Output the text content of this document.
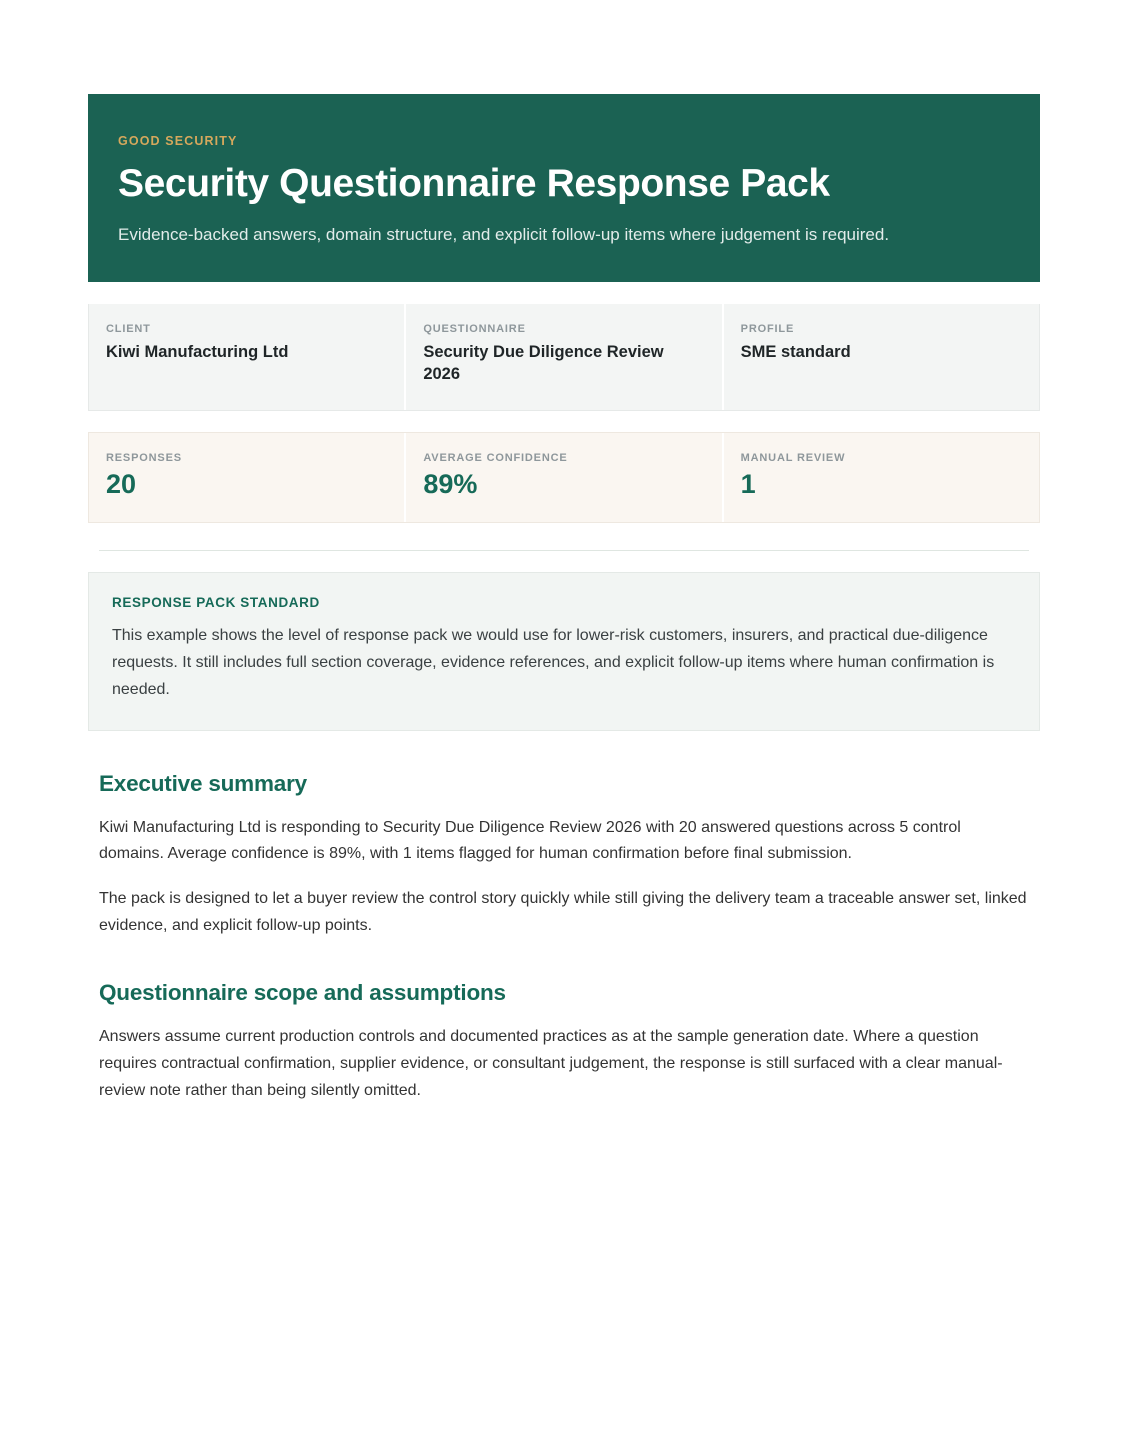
GOOD SECURITY
Security Questionnaire Response Pack

Evidence-backed answers, domain structure, and explicit follow-up items where judgement is required.

CLIENT
Kiwi Manufacturing Ltd
QUESTIONNAIRE
Security Due Diligence Review 2026
PROFILE
SME standard
RESPONSES
20
AVERAGE CONFIDENCE
89%
MANUAL REVIEW
1
RESPONSE PACK STANDARD

This example shows the level of response pack we would use for lower-risk customers, insurers, and practical due-diligence requests. It still includes full section coverage, evidence references, and explicit follow-up items where human confirmation is needed.

Executive summary

Kiwi Manufacturing Ltd is responding to Security Due Diligence Review 2026 with 20 answered questions across 5 control domains. Average confidence is 89%, with 1 items flagged for human confirmation before final submission.

The pack is designed to let a buyer review the control story quickly while still giving the delivery team a traceable answer set, linked evidence, and explicit follow-up points.

Questionnaire scope and assumptions

Answers assume current production controls and documented practices as at the sample generation date. Where a question requires contractual confirmation, supplier evidence, or consultant judgement, the response is still surfaced with a clear manual-review note rather than being silently omitted.
